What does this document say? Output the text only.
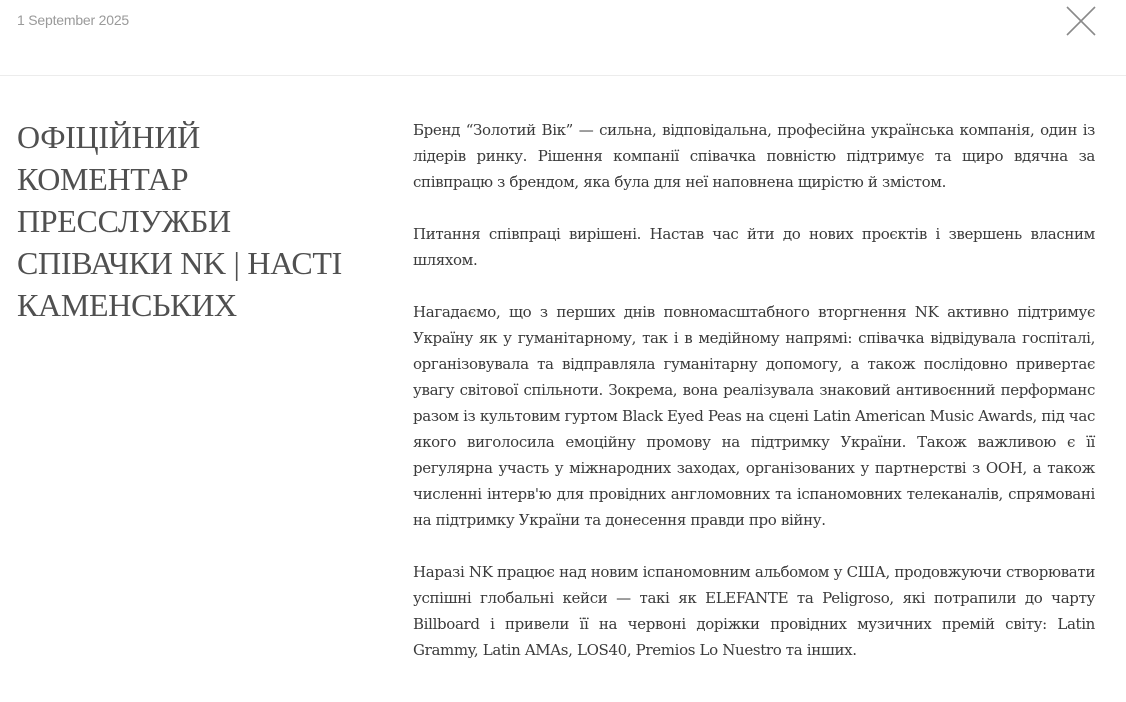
1 September 2025
ОФІЦІЙНИЙ КОМЕНТАР ПРЕССЛУЖБИ СПІВАЧКИ NK | НАСТІ КАМЕНСЬКИХ

Бренд “Золотий Вік” — сильна, відповідальна, професійна українська компанія, один із лідерів ринку. Рішення компанії співачка повністю підтримує та щиро вдячна за співпрацю з брендом, яка була для неї наповнена щирістю й змістом.

Питання співпраці вирішені. Настав час йти до нових проєктів і звершень власним шляхом.

Нагадаємо, що з перших днів повномасштабного вторгнення NK активно підтримує Україну як у гуманітарному, так і в медійному напрямі: співачка відвідувала госпіталі, організовувала та відправляла гуманітарну допомогу, а також послідовно привертає увагу світової спільноти. Зокрема, вона реалізувала знаковий антивоєнний перформанс разом із культовим гуртом Black Eyed Peas на сцені Latin American Music Awards, під час якого виголосила емоційну промову на підтримку України. Також важливою є її регулярна участь у міжнародних заходах, організованих у партнерстві з ООН, а також численні інтерв'ю для провідних англомовних та іспаномовних телеканалів, спрямовані на підтримку України та донесення правди про війну.

Наразі NK працює над новим іспаномовним альбомом у США, продовжуючи створювати успішні глобальні кейси — такі як ELEFANTE та Peligroso, які потрапили до чарту Billboard і привели її на червоні доріжки провідних музичних премій світу: Latin Grammy, Latin AMAs, LOS40, Premios Lo Nuestro та інших.
